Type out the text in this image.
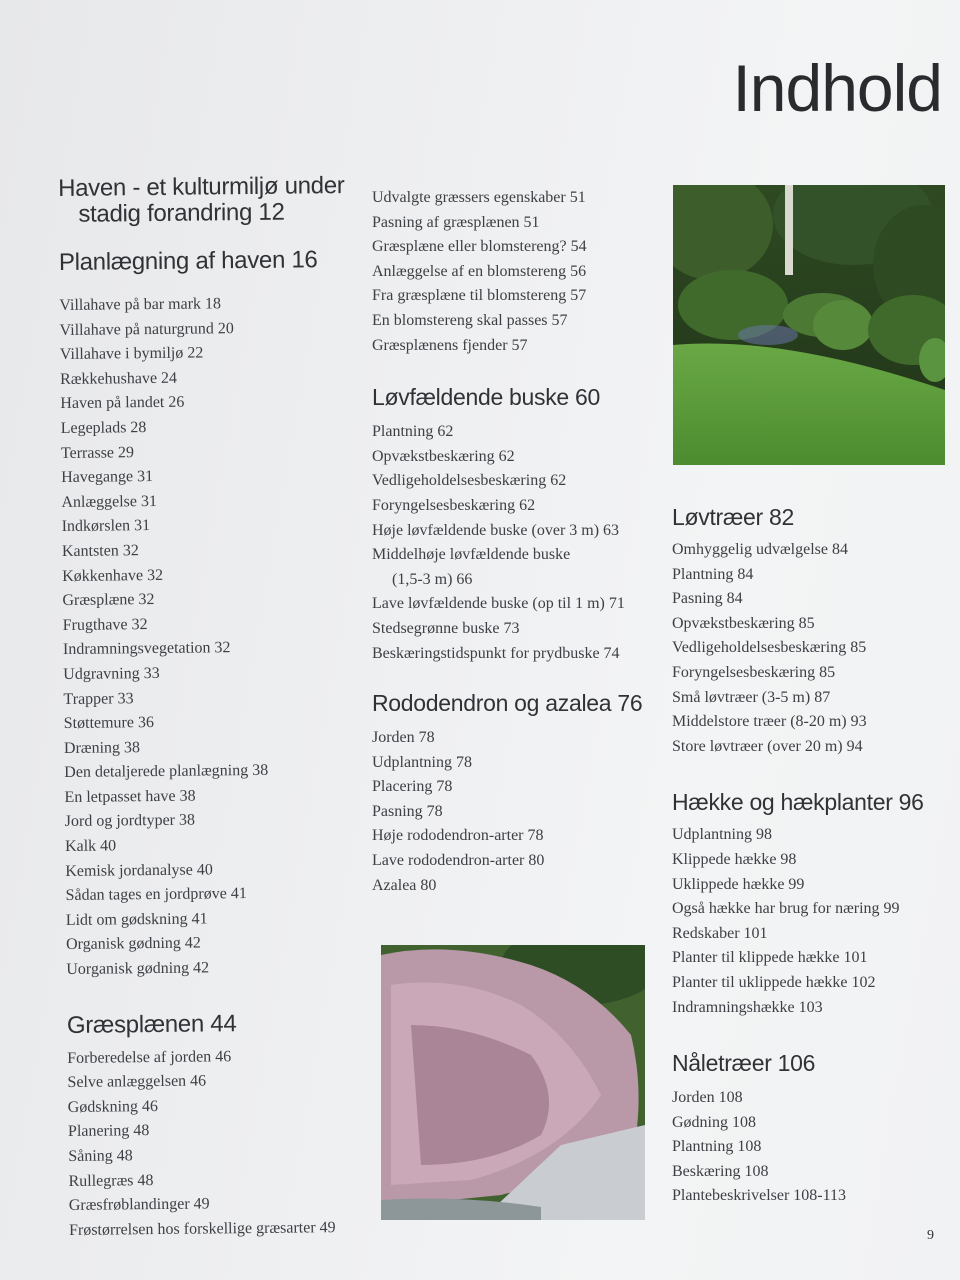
Indhold
Haven - et kulturmiljø under
stadig forandring 12
Planlægning af haven 16
Villahave på bar mark 18
Villahave på naturgrund 20
Villahave i bymiljø 22
Rækkehushave 24
Haven på landet 26
Legeplads 28
Terrasse 29
Havegange 31
Anlæggelse 31
Indkørslen 31
Kantsten 32
Køkkenhave 32
Græsplæne 32
Frugthave 32
Indramningsvegetation 32
Udgravning 33
Trapper 33
Støttemure 36
Dræning 38
Den detaljerede planlægning 38
En letpasset have 38
Jord og jordtyper 38
Kalk 40
Kemisk jordanalyse 40
Sådan tages en jordprøve 41
Lidt om gødskning 41
Organisk gødning 42
Uorganisk gødning 42
Græsplænen 44
Forberedelse af jorden 46
Selve anlæggelsen 46
Gødskning 46
Planering 48
Såning 48
Rullegræs 48
Græsfrøblandinger 49
Frøstørrelsen hos forskellige græsarter 49
Udvalgte græssers egenskaber 51
Pasning af græsplænen 51
Græsplæne eller blomstereng? 54
Anlæggelse af en blomstereng 56
Fra græsplæne til blomstereng 57
En blomstereng skal passes 57
Græsplænens fjender 57
Løvfældende buske 60
Plantning 62
Opvækstbeskæring 62
Vedligeholdelsesbeskæring 62
Foryngelsesbeskæring 62
Høje løvfældende buske (over 3 m) 63
Middelhøje løvfældende buske
(1,5-3 m) 66
Lave løvfældende buske (op til 1 m) 71
Stedsegrønne buske 73
Beskæringstidspunkt for prydbuske 74
Rododendron og azalea 76
Jorden 78
Udplantning 78
Placering 78
Pasning 78
Høje rododendron-arter 78
Lave rododendron-arter 80
Azalea 80
Løvtræer 82
Omhyggelig udvælgelse 84
Plantning 84
Pasning 84
Opvækstbeskæring 85
Vedligeholdelsesbeskæring 85
Foryngelsesbeskæring 85
Små løvtræer (3-5 m) 87
Middelstore træer (8-20 m) 93
Store løvtræer (over 20 m) 94
Hække og hækplanter 96
Udplantning 98
Klippede hække 98
Uklippede hække 99
Også hække har brug for næring 99
Redskaber 101
Planter til klippede hække 101
Planter til uklippede hække 102
Indramningshække 103
Nåletræer 106
Jorden 108
Gødning 108
Plantning 108
Beskæring 108
Plantebeskrivelser 108-113
9
